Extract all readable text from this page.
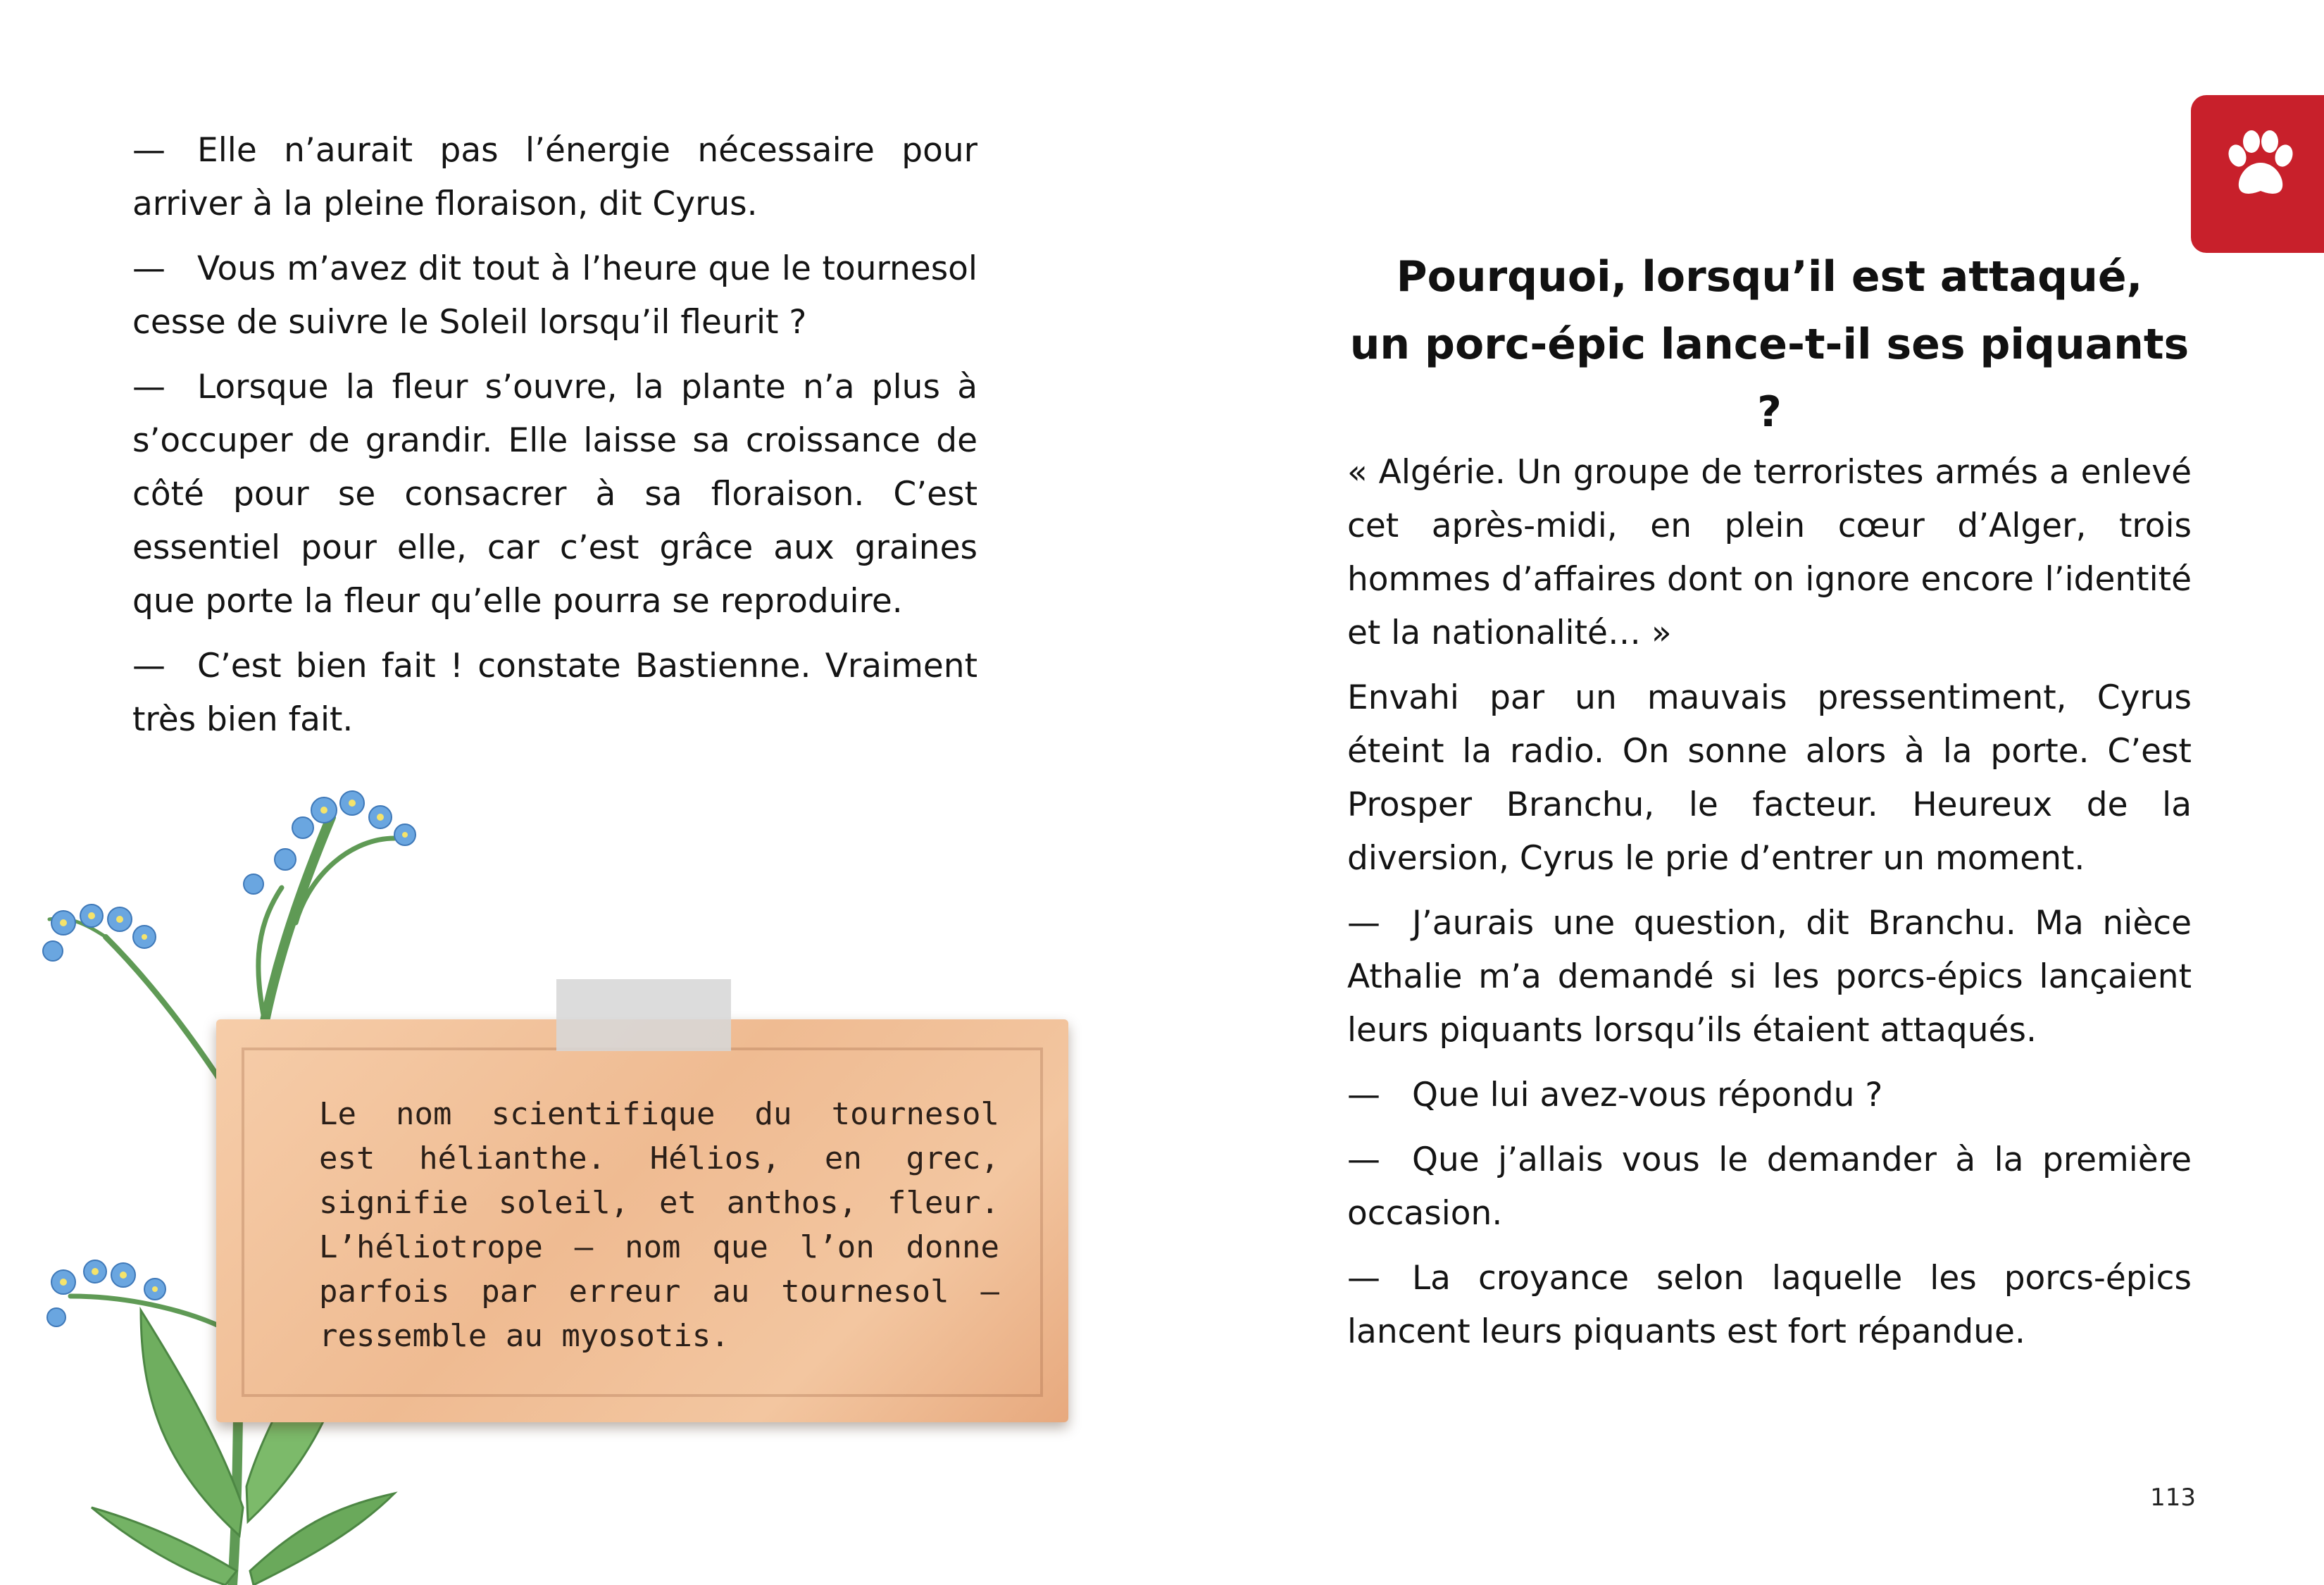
— Elle n’aurait pas l’énergie nécessaire pour arriver à la pleine floraison, dit Cyrus.

— Vous m’avez dit tout à l’heure que le tournesol cesse de suivre le Soleil lorsqu’il fleurit ?

— Lorsque la fleur s’ouvre, la plante n’a plus à s’occuper de grandir. Elle laisse sa croissance de côté pour se consacrer à sa floraison. C’est essentiel pour elle, car c’est grâce aux graines que porte la fleur qu’elle pourra se reproduire.

— C’est bien fait ! constate Bastienne. Vraiment très bien fait.

Le nom scientifique du tournesol
est hélianthe. Hélios, en grec,
signifie soleil, et anthos, fleur.
L’héliotrope – nom que l’on donne
parfois par erreur au tournesol –
ressemble au myosotis.
Pourquoi, lorsqu’il est attaqué,
un porc-épic lance-t-il ses piquants ?

« Algérie. Un groupe de terroristes armés a enlevé cet après-midi, en plein cœur d’Alger, trois hommes d’affaires dont on ignore encore l’identité et la nationalité… »

Envahi par un mauvais pressentiment, Cyrus éteint la radio. On sonne alors à la porte. C’est Prosper Branchu, le facteur. Heureux de la diversion, Cyrus le prie d’entrer un moment.

— J’aurais une question, dit Branchu. Ma nièce Athalie m’a demandé si les porcs-épics lançaient leurs piquants lorsqu’ils étaient attaqués.

— Que lui avez-vous répondu ?

— Que j’allais vous le demander à la première occasion.

— La croyance selon laquelle les porcs-épics lancent leurs piquants est fort répandue.

113
